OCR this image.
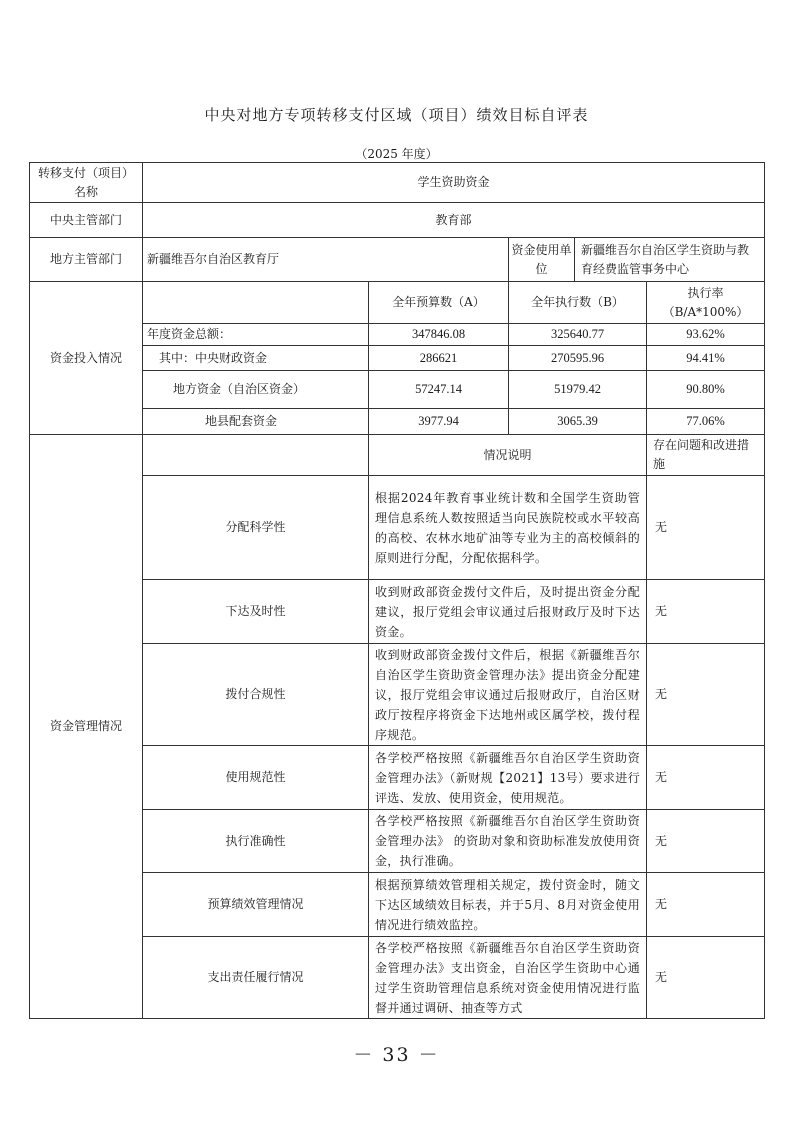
中央对地方专项转移支付区域（项目）绩效目标自评表
（2025 年度）
转移支付（项目）名称	学生资助资金				
中央主管部门	教育部				
地方主管部门	新疆维吾尔自治区教育厅		资金使用单位	新疆维吾尔自治区学生资助与教育经费监管事务中心	
资金投入情况		全年预算数（A）	全年执行数（B）		执行率（B/A*100%）
	年度资金总额：	347846.08	325640.77		93.62%
	其中：中央财政资金	286621	270595.96		94.41%
	地方资金（自治区资金）	57247.14	51979.42		90.80%
	地县配套资金	3977.94	3065.39		77.06%
资金管理情况		情况说明			存在问题和改进措施
	分配科学性	根据2024年教育事业统计数和全国学生资助管理信息系统人数按照适当向民族院校或水平较高的高校、农林水地矿油等专业为主的高校倾斜的原则进行分配，分配依据科学。			无
	下达及时性	收到财政部资金拨付文件后，及时提出资金分配建议，报厅党组会审议通过后报财政厅及时下达资金。			无
	拨付合规性	收到财政部资金拨付文件后，根据《新疆维吾尔自治区学生资助资金管理办法》提出资金分配建议，报厅党组会审议通过后报财政厅，自治区财政厅按程序将资金下达地州或区属学校，拨付程序规范。			无
	使用规范性	各学校严格按照《新疆维吾尔自治区学生资助资金管理办法》（新财规【2021】13号）要求进行评选、发放、使用资金，使用规范。			无
	执行准确性	各学校严格按照《新疆维吾尔自治区学生资助资金管理办法》 的资助对象和资助标准发放使用资金，执行准确。			无
	预算绩效管理情况	根据预算绩效管理相关规定，拨付资金时，随文下达区域绩效目标表，并于5月、8月对资金使用情况进行绩效监控。			无
	支出责任履行情况	各学校严格按照《新疆维吾尔自治区学生资助资金管理办法》支出资金，自治区学生资助中心通过学生资助管理信息系统对资金使用情况进行监督并通过调研、抽查等方式			无
－ 33 －
